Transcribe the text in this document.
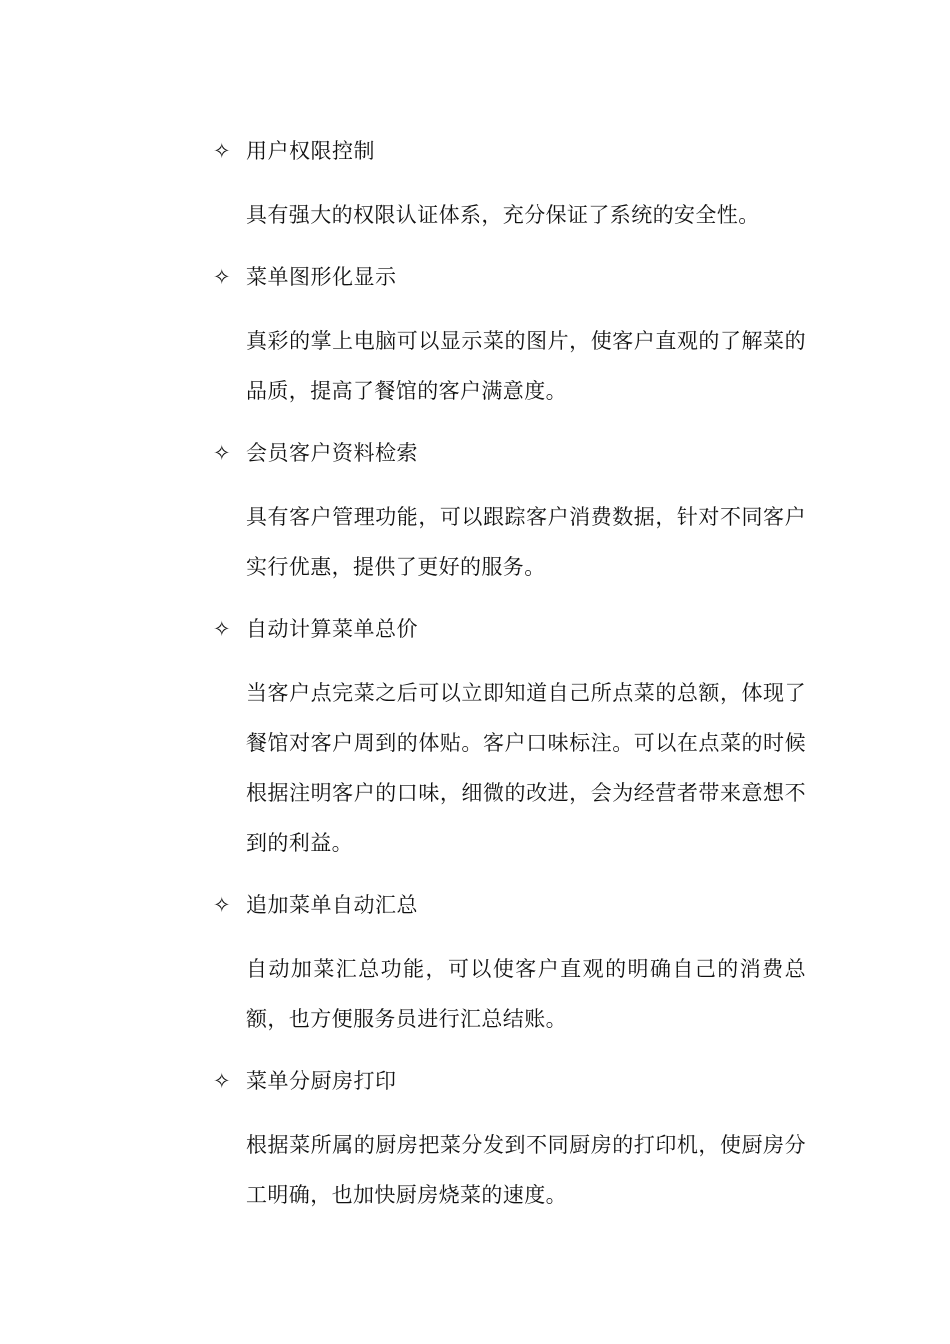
✧ 用户权限控制
具有强大的权限认证体系，充分保证了系统的安全性。
✧ 菜单图形化显示
真彩的掌上电脑可以显示菜的图片，使客户直观的了解菜的品质，提高了餐馆的客户满意度。
✧ 会员客户资料检索
具有客户管理功能，可以跟踪客户消费数据，针对不同客户实行优惠，提供了更好的服务。
✧ 自动计算菜单总价
当客户点完菜之后可以立即知道自己所点菜的总额，体现了餐馆对客户周到的体贴。客户口味标注。可以在点菜的时候根据注明客户的口味，细微的改进，会为经营者带来意想不到的利益。
✧ 追加菜单自动汇总
自动加菜汇总功能，可以使客户直观的明确自己的消费总额，也方便服务员进行汇总结账。
✧ 菜单分厨房打印
根据菜所属的厨房把菜分发到不同厨房的打印机，使厨房分工明确，也加快厨房烧菜的速度。
